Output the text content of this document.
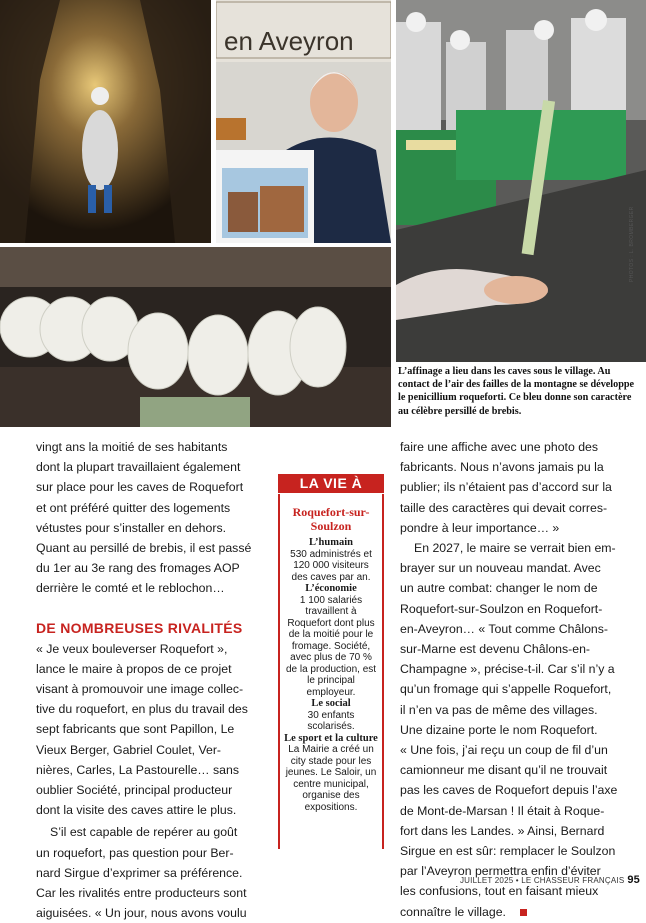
en Aveyron
PHOTOS : L. BROMBERGER
L’affinage a lieu dans les caves sous le village. Au contact de l’air des failles de la montagne se développe le penicillium roqueforti. Ce bleu donne son caractère au célèbre persillé de brebis.

vingt ans la moitié de ses habitants
dont la plupart travaillaient également
sur place pour les caves de Roquefort
et ont préféré quitter des logements
vétustes pour s’installer en dehors.
Quant au persillé de brebis, il est passé
du 1er au 3e rang des fromages AOP
derrière le comté et le reblochon…

DE NOMBREUSES RIVALITÉS

« Je veux bouleverser Roquefort »,
lance le maire à propos de ce projet
visant à promouvoir une image collec-
tive du roquefort, en plus du travail des
sept fabricants que sont Papillon, Le
Vieux Berger, Gabriel Coulet, Ver-
nières, Carles, La Pastourelle… sans
oublier Société, principal producteur
dont la visite des caves attire le plus.

S’il est capable de repérer au goût
un roquefort, pas question pour Ber-
nard Sirgue d’exprimer sa préférence.
Car les rivalités entre producteurs sont
aiguisées. « Un jour, nous avons voulu

LA VIE À
Roquefort-sur-Soulzon
L’humain
530 administrés et 120 000 visiteurs des caves par an.
L’économie
1 100 salariés travaillent à Roquefort dont plus de la moitié pour le fromage. Société, avec plus de 70 % de la production, est le principal employeur.
Le social
30 enfants scolarisés.
Le sport et la culture
La Mairie a créé un city stade pour les jeunes. Le Saloir, un centre municipal, organise des expositions.

faire une affiche avec une photo des
fabricants. Nous n’avons jamais pu la
publier; ils n’étaient pas d’accord sur la
taille des caractères qui devait corres-
pondre à leur importance… »

En 2027, le maire se verrait bien em-
brayer sur un nouveau mandat. Avec
un autre combat: changer le nom de
Roquefort-sur-Soulzon en Roquefort-
en-Aveyron… « Tout comme Châlons-
sur-Marne est devenu Châlons-en-
Champagne », précise-t-il. Car s’il n’y a
qu’un fromage qui s’appelle Roquefort,
il n’en va pas de même des villages.
Une dizaine porte le nom Roquefort.
« Une fois, j’ai reçu un coup de fil d’un
camionneur me disant qu’il ne trouvait
pas les caves de Roquefort depuis l’axe
de Mont-de-Marsan ! Il était à Roque-
fort dans les Landes. » Ainsi, Bernard
Sirgue en est sûr: remplacer le Soulzon
par l’Aveyron permettra enfin d’éviter
les confusions, tout en faisant mieux
connaître le village.

JUILLET 2025 • LE CHASSEUR FRANÇAIS 95
